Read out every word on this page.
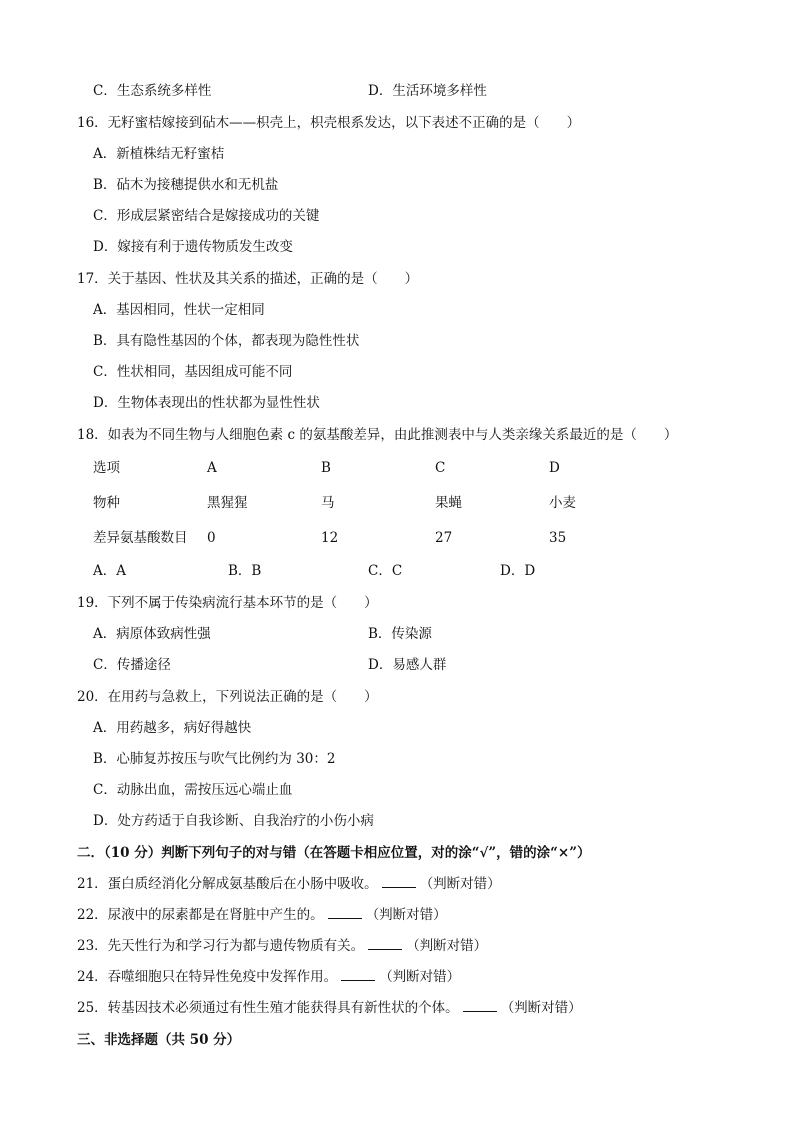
C．生态系统多样性	D．生活环境多样性
16．无籽蜜桔嫁接到砧木——枳壳上，枳壳根系发达，以下表述不正确的是（　　）
A．新植株结无籽蜜桔
B．砧木为接穗提供水和无机盐
C．形成层紧密结合是嫁接成功的关键
D．嫁接有利于遗传物质发生改变
17．关于基因、性状及其关系的描述，正确的是（　　）
A．基因相同，性状一定相同
B．具有隐性基因的个体，都表现为隐性性状
C．性状相同，基因组成可能不同
D．生物体表现出的性状都为显性性状
18．如表为不同生物与人细胞色素 c 的氨基酸差异，由此推测表中与人类亲缘关系最近的是（　　）
选项	A	B	C	D
物种	黑猩猩	马	果蝇	小麦
差异氨基酸数目 0	12	27	35
A．A	B．B	C．C	D．D
19．下列不属于传染病流行基本环节的是（　　）
A．病原体致病性强	B．传染源
C．传播途径	D．易感人群
20．在用药与急救上，下列说法正确的是（　　）
A．用药越多，病好得越快
B．心肺复苏按压与吹气比例约为 30：2
C．动脉出血，需按压远心端止血
D．处方药适于自我诊断、自我治疗的小伤小病
二．（10 分）判断下列句子的对与错（在答题卡相应位置，对的涂“√”，错的涂“×”）
21．蛋白质经消化分解成氨基酸后在小肠中吸收。	（判断对错）
22．尿液中的尿素都是在肾脏中产生的。	（判断对错）
23．先天性行为和学习行为都与遗传物质有关。	（判断对错）
24．吞噬细胞只在特异性免疫中发挥作用。	（判断对错）
25．转基因技术必须通过有性生殖才能获得具有新性状的个体。	（判断对错）
三、非选择题（共 50 分）
